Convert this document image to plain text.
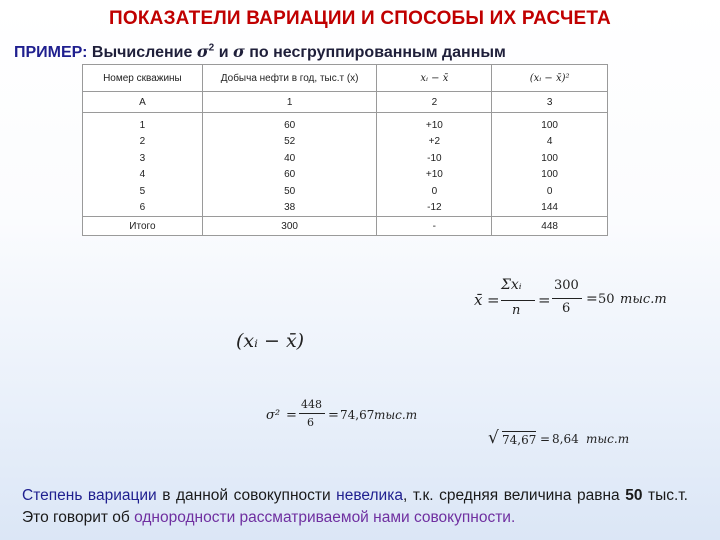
ПОКАЗАТЕЛИ ВАРИАЦИИ И СПОСОБЫ ИХ РАСЧЕТА
ПРИМЕР: Вычисление $\sigma^2$ и σ по несгруппированным данным
Номер скважины	Добыча нефти в год, тыс.т (x)	xᵢ − x̄	(xᵢ − x̄)²
А	1	2	3
1	60	+10	100
2	52	+2	4
3	40	-10	100
4	60	+10	100
5	50	0	0
6	38	-12	144
Итого	300	-	448
x̄ =
Σxᵢ
n
=
300
6
= 50 тыс.т
(xᵢ − x̄)
σ² =
448
6 = 74,67 тыс.т
√ 74,67 = 8,64 тыс.т
Степень вариации в данной совокупности невелика, т.к. средняя величина равна 50 тыс.т. Это говорит об однородности рассматриваемой нами совокупности.
